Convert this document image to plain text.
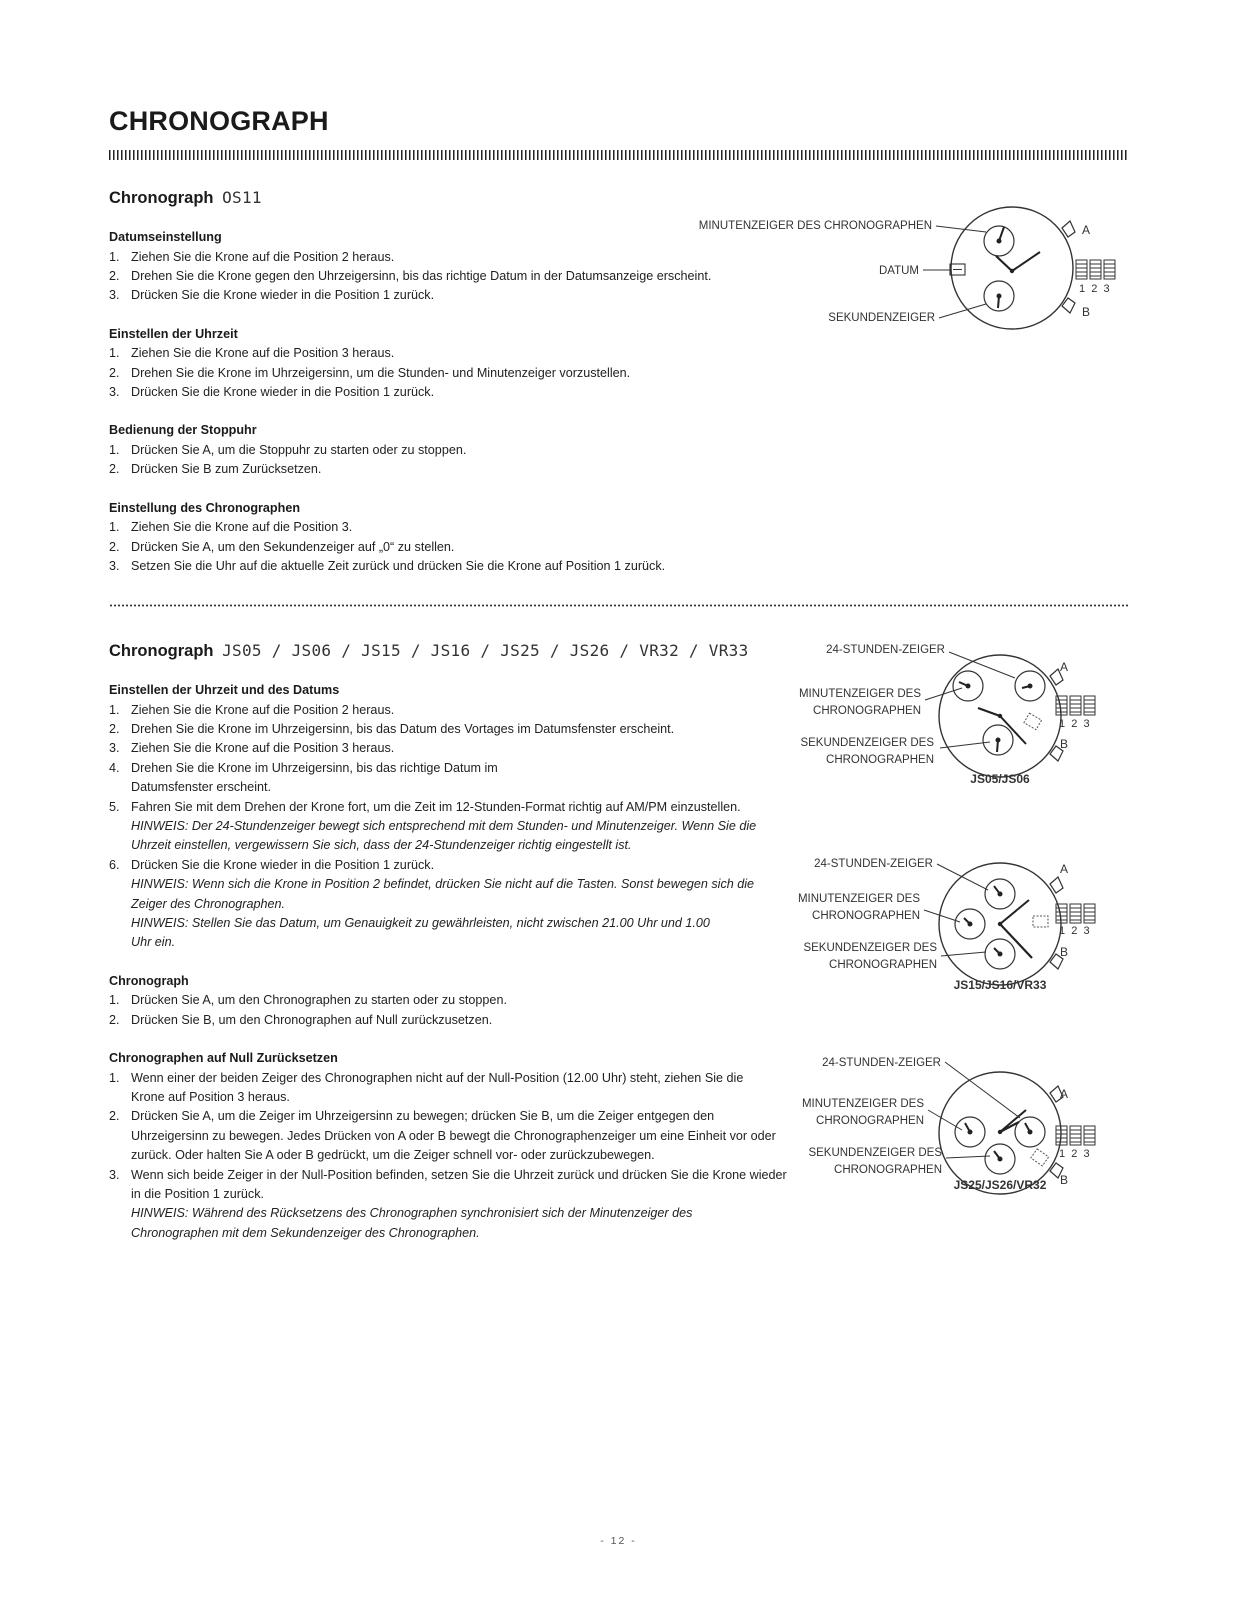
CHRONOGRAPH
Chronograph OS11

Datumseinstellung

1. Ziehen Sie die Krone auf die Position 2 heraus.
2. Drehen Sie die Krone gegen den Uhrzeigersinn, bis das richtige Datum in der Datumsanzeige erscheint.
3. Drücken Sie die Krone wieder in die Position 1 zurück.

Einstellen der Uhrzeit

1. Ziehen Sie die Krone auf die Position 3 heraus.
2. Drehen Sie die Krone im Uhrzeigersinn, um die Stunden- und Minutenzeiger vorzustellen.
3. Drücken Sie die Krone wieder in die Position 1 zurück.

Bedienung der Stoppuhr

1. Drücken Sie A, um die Stoppuhr zu starten oder zu stoppen.
2. Drücken Sie B zum Zurücksetzen.

Einstellung des Chronographen

1. Ziehen Sie die Krone auf die Position 3.
2. Drücken Sie A, um den Sekundenzeiger auf „0“ zu stellen.
3. Setzen Sie die Uhr auf die aktuelle Zeit zurück und drücken Sie die Krone auf Position 1 zurück.
A
B
1  2  3
MINUTENZEIGER DES CHRONOGRAPHEN
DATUM
SEKUNDENZEIGER
Chronograph JS05 / JS06 / JS15 / JS16 / JS25 / JS26 / VR32 / VR33

Einstellen der Uhrzeit und des Datums

1. Ziehen Sie die Krone auf die Position 2 heraus.
2. Drehen Sie die Krone im Uhrzeigersinn, bis das Datum des Vortages im Datumsfenster erscheint.
3. Ziehen Sie die Krone auf die Position 3 heraus.
4. Drehen Sie die Krone im Uhrzeigersinn, bis das richtige Datum im
Datumsfenster erscheint.
5. Fahren Sie mit dem Drehen der Krone fort, um die Zeit im 12-Stunden-Format richtig auf AM/PM einzustellen.
HINWEIS: Der 24-Stundenzeiger bewegt sich entsprechend mit dem Stunden- und Minutenzeiger. Wenn Sie die
Uhrzeit einstellen, vergewissern Sie sich, dass der 24-Stundenzeiger richtig eingestellt ist.
6. Drücken Sie die Krone wieder in die Position 1 zurück.
HINWEIS: Wenn sich die Krone in Position 2 befindet, drücken Sie nicht auf die Tasten. Sonst bewegen sich die
Zeiger des Chronographen.
HINWEIS: Stellen Sie das Datum, um Genauigkeit zu gewährleisten, nicht zwischen 21.00 Uhr und 1.00
Uhr ein.

Chronograph

1. Drücken Sie A, um den Chronographen zu starten oder zu stoppen.
2. Drücken Sie B, um den Chronographen auf Null zurückzusetzen.

Chronographen auf Null Zurücksetzen

1. Wenn einer der beiden Zeiger des Chronographen nicht auf der Null-Position (12.00 Uhr) steht, ziehen Sie die
Krone auf Position 3 heraus.
2. Drücken Sie A, um die Zeiger im Uhrzeigersinn zu bewegen; drücken Sie B, um die Zeiger entgegen den
Uhrzeigersinn zu bewegen. Jedes Drücken von A oder B bewegt die Chronographenzeiger um eine Einheit vor oder
zurück. Oder halten Sie A oder B gedrückt, um die Zeiger schnell vor- oder zurückzubewegen.
3. Wenn sich beide Zeiger in der Null-Position befinden, setzen Sie die Uhrzeit zurück und drücken Sie die Krone wieder
in die Position 1 zurück.
HINWEIS: Während des Rücksetzens des Chronographen synchronisiert sich der Minutenzeiger des
Chronographen mit dem Sekundenzeiger des Chronographen.
A
B
1  2  3
24-STUNDEN-ZEIGER
MINUTENZEIGER DES
CHRONOGRAPHEN
SEKUNDENZEIGER DES
CHRONOGRAPHEN
JS05/JS06
A
B
1  2  3
24-STUNDEN-ZEIGER
MINUTENZEIGER DES
CHRONOGRAPHEN
SEKUNDENZEIGER DES
CHRONOGRAPHEN
JS15/JS16/VR33
A
B
1  2  3
24-STUNDEN-ZEIGER
MINUTENZEIGER DES
CHRONOGRAPHEN
SEKUNDENZEIGER DES
CHRONOGRAPHEN
JS25/JS26/VR32
- 12 -
